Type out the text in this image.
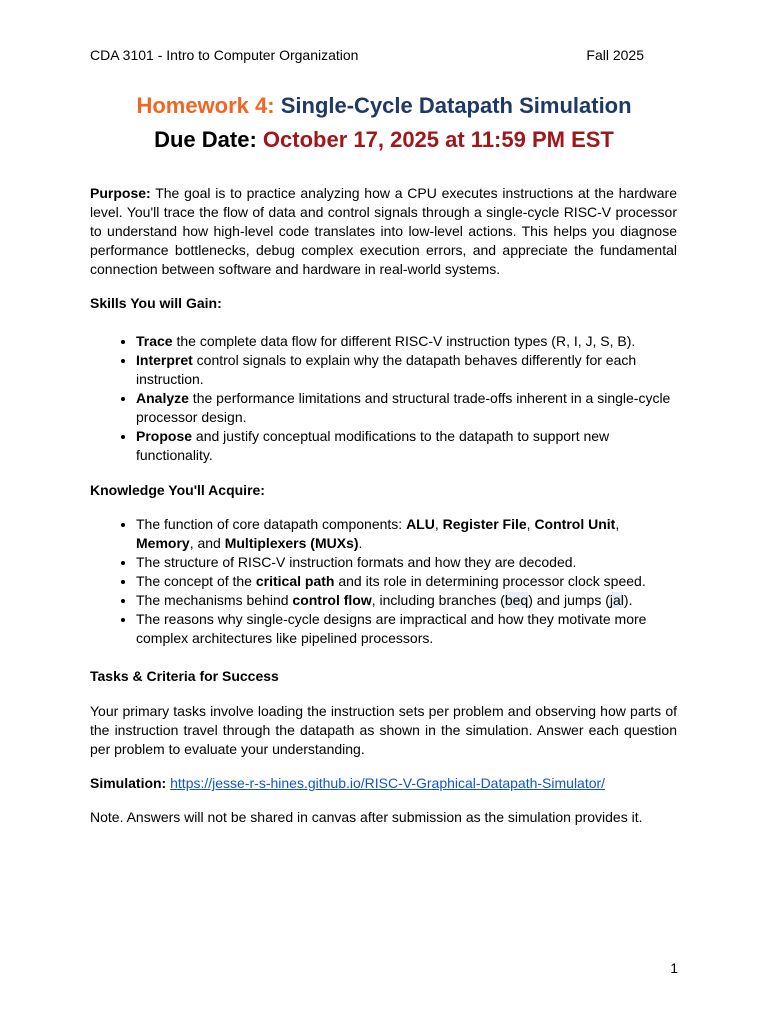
CDA 3101 - Intro to Computer Organization	Fall 2025
Homework 4: Single-Cycle Datapath Simulation
Due Date: October 17, 2025 at 11:59 PM EST

Purpose: The goal is to practice analyzing how a CPU executes instructions at the hardware level. You'll trace the flow of data and control signals through a single-cycle RISC-V processor to understand how high-level code translates into low-level actions. This helps you diagnose performance bottlenecks, debug complex execution errors, and appreciate the fundamental connection between software and hardware in real-world systems.

Skills You will Gain:

• Trace the complete data flow for different RISC-V instruction types (R, I, J, S, B).
• Interpret control signals to explain why the datapath behaves differently for each instruction.
• Analyze the performance limitations and structural trade-offs inherent in a single-cycle processor design.
• Propose and justify conceptual modifications to the datapath to support new functionality.

Knowledge You'll Acquire:

• The function of core datapath components: ALU, Register File, Control Unit, Memory, and Multiplexers (MUXs).
• The structure of RISC-V instruction formats and how they are decoded.
• The concept of the critical path and its role in determining processor clock speed.
• The mechanisms behind control flow, including branches (beq) and jumps (jal).
• The reasons why single-cycle designs are impractical and how they motivate more complex architectures like pipelined processors.

Tasks & Criteria for Success

Your primary tasks involve loading the instruction sets per problem and observing how parts of the instruction travel through the datapath as shown in the simulation. Answer each question per problem to evaluate your understanding.

Simulation: https://jesse-r-s-hines.github.io/RISC-V-Graphical-Datapath-Simulator/

Note. Answers will not be shared in canvas after submission as the simulation provides it.

1
